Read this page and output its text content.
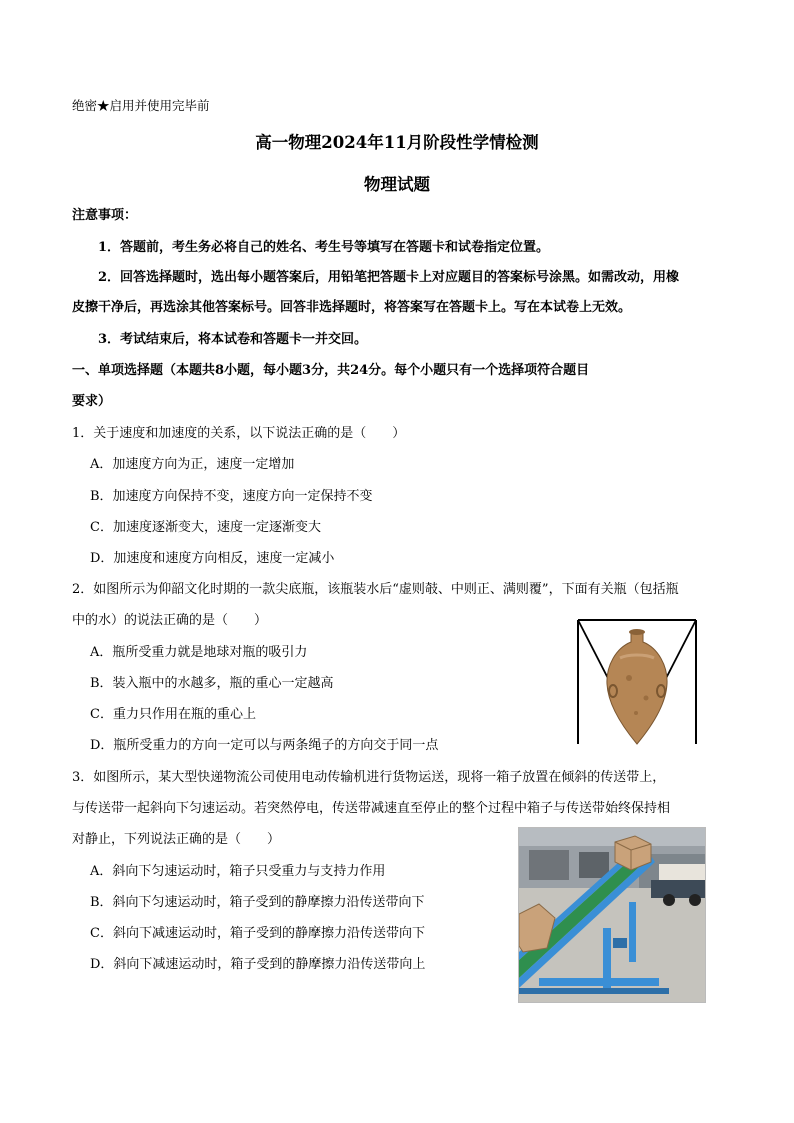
绝密★启用并使用完毕前
高一物理2024年11月阶段性学情检测
物理试题
注意事项：
1．答题前，考生务必将自己的姓名、考生号等填写在答题卡和试卷指定位置。
2．回答选择题时，选出每小题答案后，用铅笔把答题卡上对应题目的答案标号涂黑。如需改动，用橡
皮擦干净后，再选涂其他答案标号。回答非选择题时，将答案写在答题卡上。写在本试卷上无效。
3．考试结束后，将本试卷和答题卡一并交回。
一、单项选择题（本题共8小题，每小题3分，共24分。每个小题只有一个选择项符合题目
要求）
1．关于速度和加速度的关系，以下说法正确的是（　　）
A．加速度方向为正，速度一定增加
B．加速度方向保持不变，速度方向一定保持不变
C．加速度逐渐变大，速度一定逐渐变大
D．加速度和速度方向相反，速度一定减小
2．如图所示为仰韶文化时期的一款尖底瓶，该瓶装水后“虚则攲、中则正、满则覆”，下面有关瓶（包括瓶
中的水）的说法正确的是（　　）
A．瓶所受重力就是地球对瓶的吸引力
B．装入瓶中的水越多，瓶的重心一定越高
C．重力只作用在瓶的重心上
D．瓶所受重力的方向一定可以与两条绳子的方向交于同一点
3．如图所示，某大型快递物流公司使用电动传输机进行货物运送，现将一箱子放置在倾斜的传送带上，
与传送带一起斜向下匀速运动。若突然停电，传送带减速直至停止的整个过程中箱子与传送带始终保持相
对静止，下列说法正确的是（　　）
A．斜向下匀速运动时，箱子只受重力与支持力作用
B．斜向下匀速运动时，箱子受到的静摩擦力沿传送带向下
C．斜向下减速运动时，箱子受到的静摩擦力沿传送带向下
D．斜向下减速运动时，箱子受到的静摩擦力沿传送带向上
